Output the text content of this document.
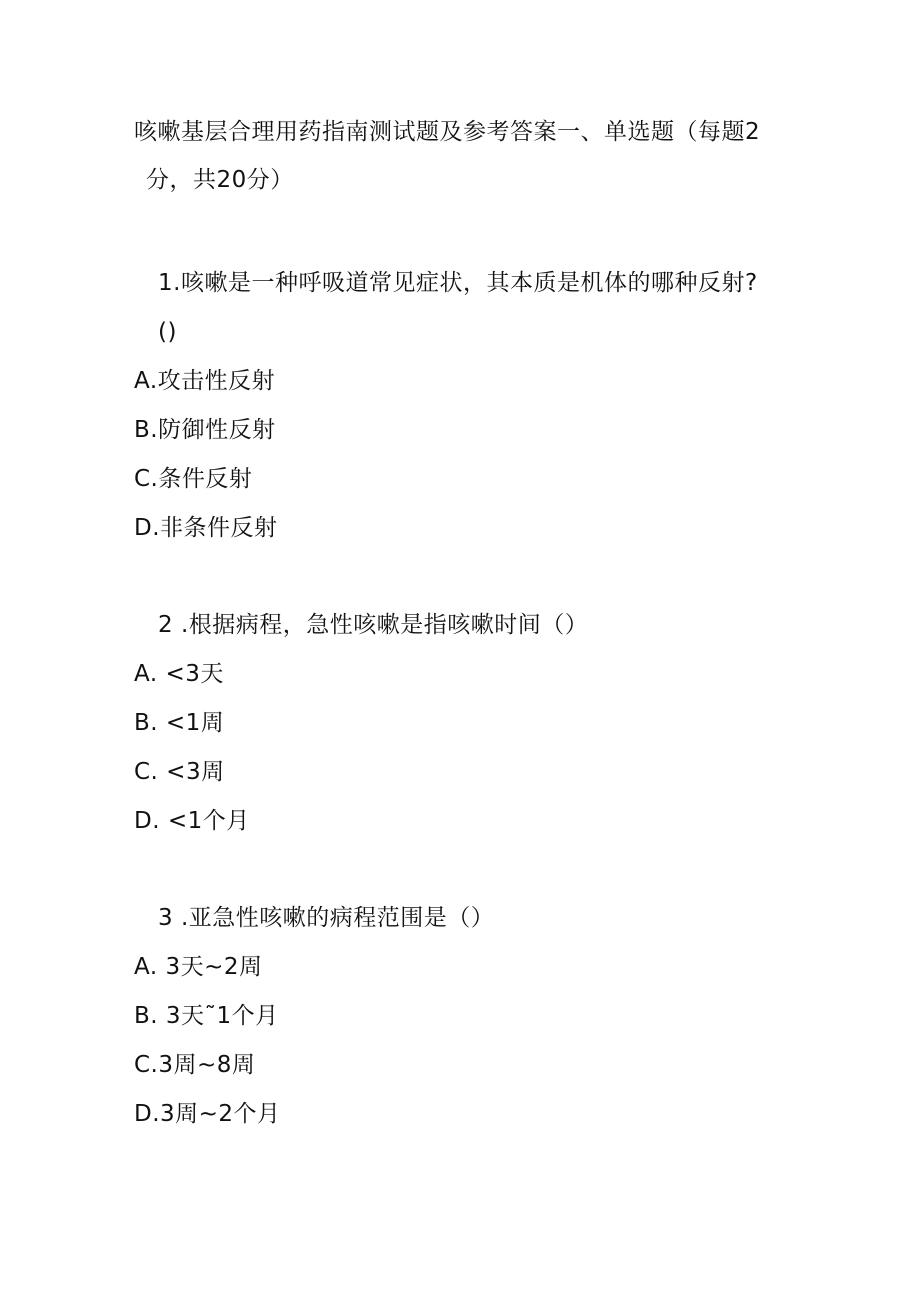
咳嗽基层合理用药指南测试题及参考答案一、单选题（每题2
分，共20分）
1.咳嗽是一种呼吸道常见症状，其本质是机体的哪种反射?
()
A.攻击性反射
B.防御性反射
C.条件反射
D.非条件反射
2 .根据病程，急性咳嗽是指咳嗽时间（）
A. <3天
B. <1周
C. <3周
D. <1个月
3 .亚急性咳嗽的病程范围是（）
A. 3天~2周
B. 3天˜1个月
C.3周~8周
D.3周~2个月
